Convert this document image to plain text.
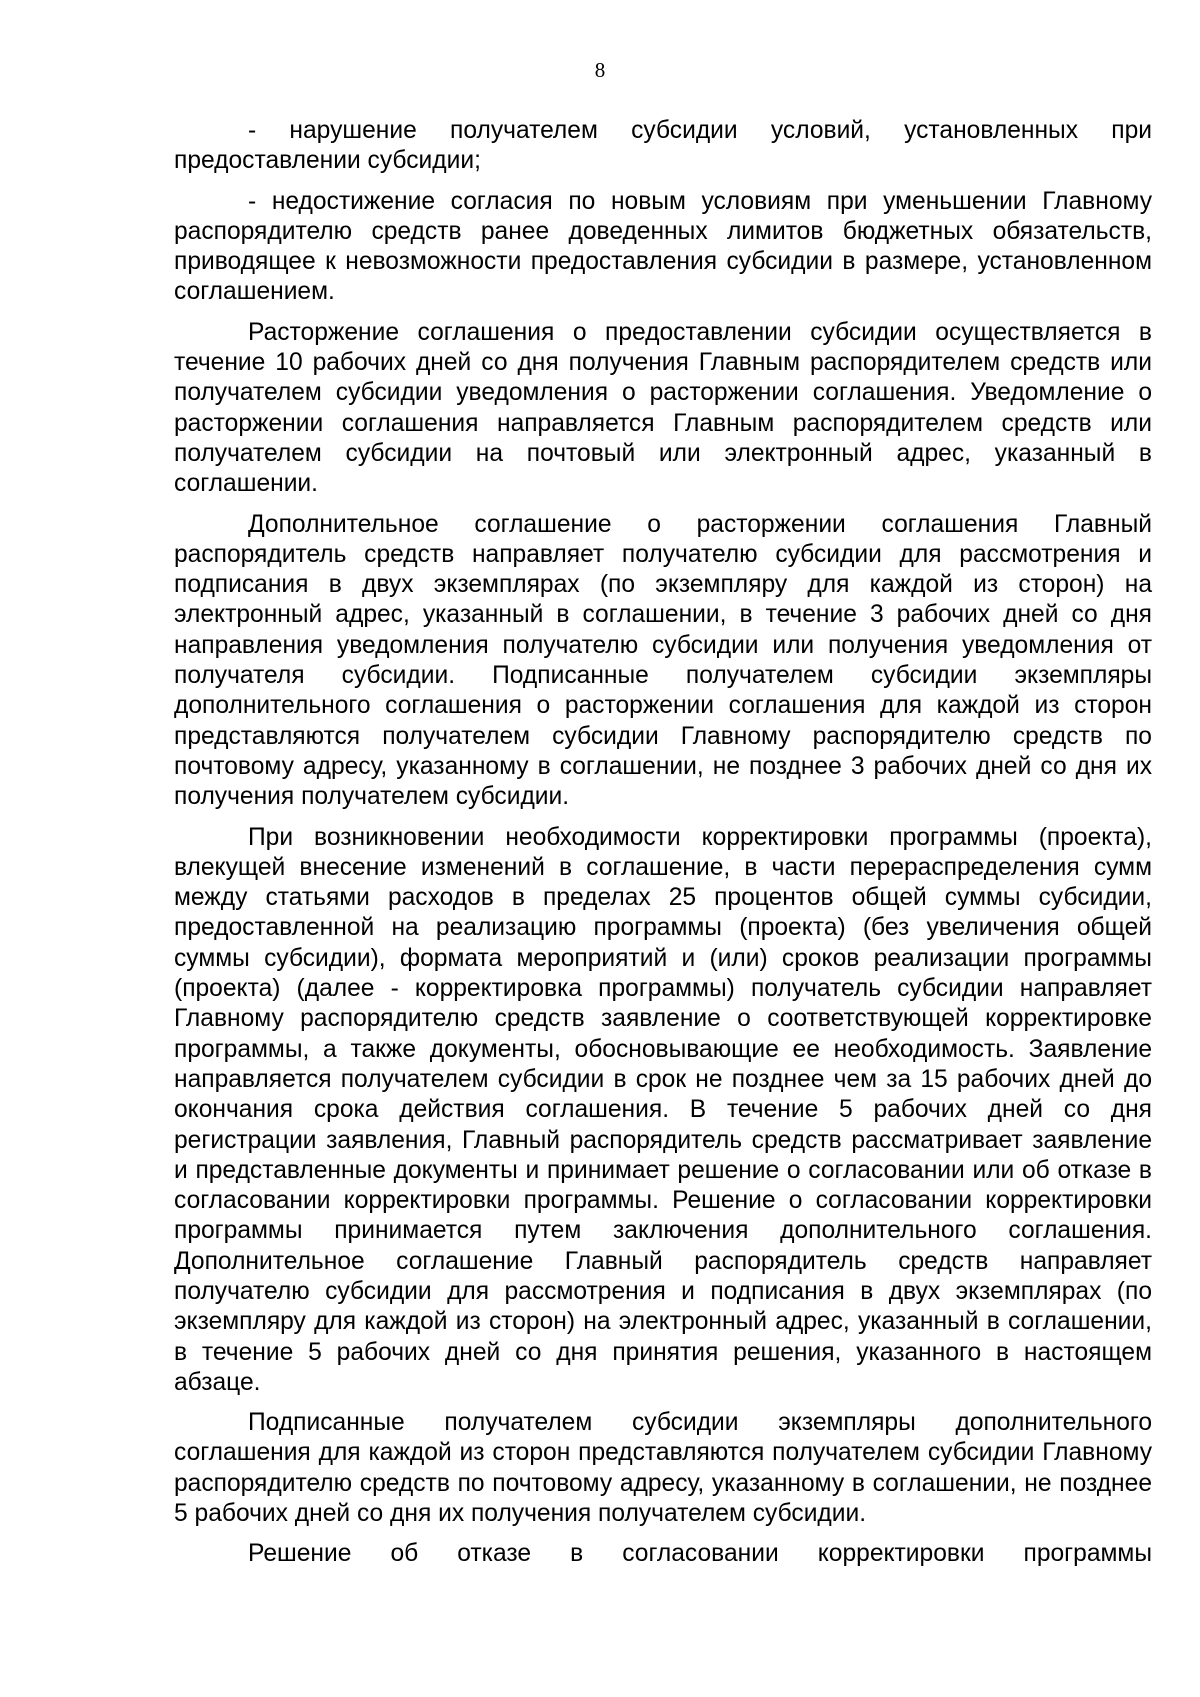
8

- нарушение получателем субсидии условий, установленных при предоставлении субсидии;

- недостижение согласия по новым условиям при уменьшении Главному распорядителю средств ранее доведенных лимитов бюджетных обязательств, приводящее к невозможности предоставления субсидии в размере, установленном соглашением.

Расторжение соглашения о предоставлении субсидии осуществляется в течение 10 рабочих дней со дня получения Главным распорядителем средств или получателем субсидии уведомления о расторжении соглашения. Уведомление о расторжении соглашения направляется Главным распорядителем средств или получателем субсидии на почтовый или электронный адрес, указанный в соглашении.

Дополнительное соглашение о расторжении соглашения Главный распорядитель средств направляет получателю субсидии для рассмотрения и подписания в двух экземплярах (по экземпляру для каждой из сторон) на электронный адрес, указанный в соглашении, в течение 3 рабочих дней со дня направления уведомления получателю субсидии или получения уведомления от получателя субсидии. Подписанные получателем субсидии экземпляры дополнительного соглашения о расторжении соглашения для каждой из сторон представляются получателем субсидии Главному распорядителю средств по почтовому адресу, указанному в соглашении, не позднее 3 рабочих дней со дня их получения получателем субсидии.

При возникновении необходимости корректировки программы (проекта), влекущей внесение изменений в соглашение, в части перераспределения сумм между статьями расходов в пределах 25 процентов общей суммы субсидии, предоставленной на реализацию программы (проекта) (без увеличения общей суммы субсидии), формата мероприятий и (или) сроков реализации программы (проекта) (далее - корректировка программы) получатель субсидии направляет Главному распорядителю средств заявление о соответствующей корректировке программы, а также документы, обосновывающие ее необходимость. Заявление направляется получателем субсидии в срок не позднее чем за 15 рабочих дней до окончания срока действия соглашения. В течение 5 рабочих дней со дня регистрации заявления, Главный распорядитель средств рассматривает заявление и представленные документы и принимает решение о согласовании или об отказе в согласовании корректировки программы. Решение о согласовании корректировки программы принимается путем заключения дополнительного соглашения. Дополнительное соглашение Главный распорядитель средств направляет получателю субсидии для рассмотрения и подписания в двух экземплярах (по экземпляру для каждой из сторон) на электронный адрес, указанный в соглашении, в течение 5 рабочих дней со дня принятия решения, указанного в настоящем абзаце.

Подписанные получателем субсидии экземпляры дополнительного соглашения для каждой из сторон представляются получателем субсидии Главному распорядителю средств по почтовому адресу, указанному в соглашении, не позднее 5 рабочих дней со дня их получения получателем субсидии.

Решение об отказе в согласовании корректировки программы
